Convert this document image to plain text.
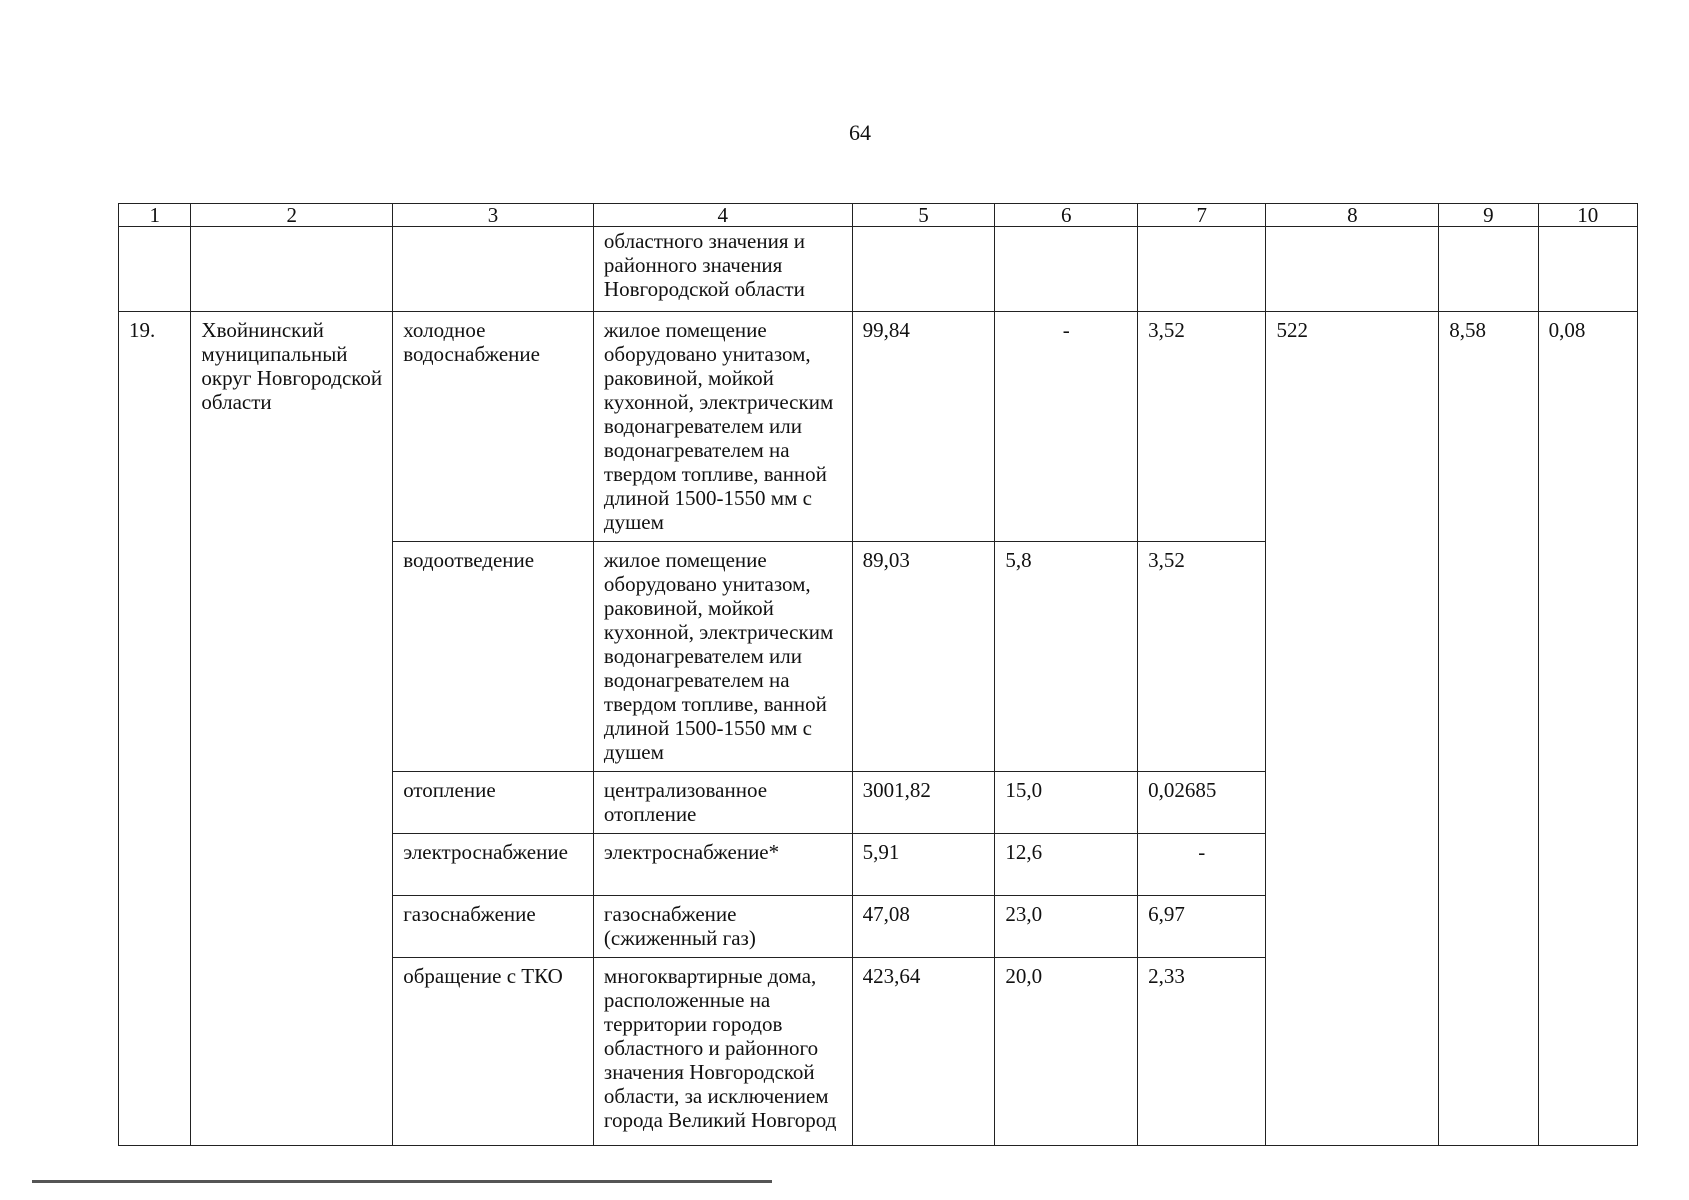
64
1	2	3	4	5	6	7	8	9	10
			областного значения и районного значения Новгородской области						
19.	Хвойнинский муниципальный округ Новгородской области	холодное водоснабжение	жилое помещение оборудовано унитазом, раковиной, мойкой кухонной, электрическим водонагревателем или водонагревателем на твердом топливе, ванной длиной 1500-1550 мм с душем	99,84	-	3,52	522	8,58	0,08
		водоотведение	жилое помещение оборудовано унитазом, раковиной, мойкой кухонной, электрическим водонагревателем или водонагревателем на твердом топливе, ванной длиной 1500-1550 мм с душем	89,03	5,8	3,52			
		отопление	централизованное отопление	3001,82	15,0	0,02685			
		электроснабжение	электроснабжение*	5,91	12,6	-			
		газоснабжение	газоснабжение (сжиженный газ)	47,08	23,0	6,97			
		обращение с ТКО	многоквартирные дома, расположенные на территории городов областного и районного значения Новгородской области, за исключением города Великий Новгород	423,64	20,0	2,33			
